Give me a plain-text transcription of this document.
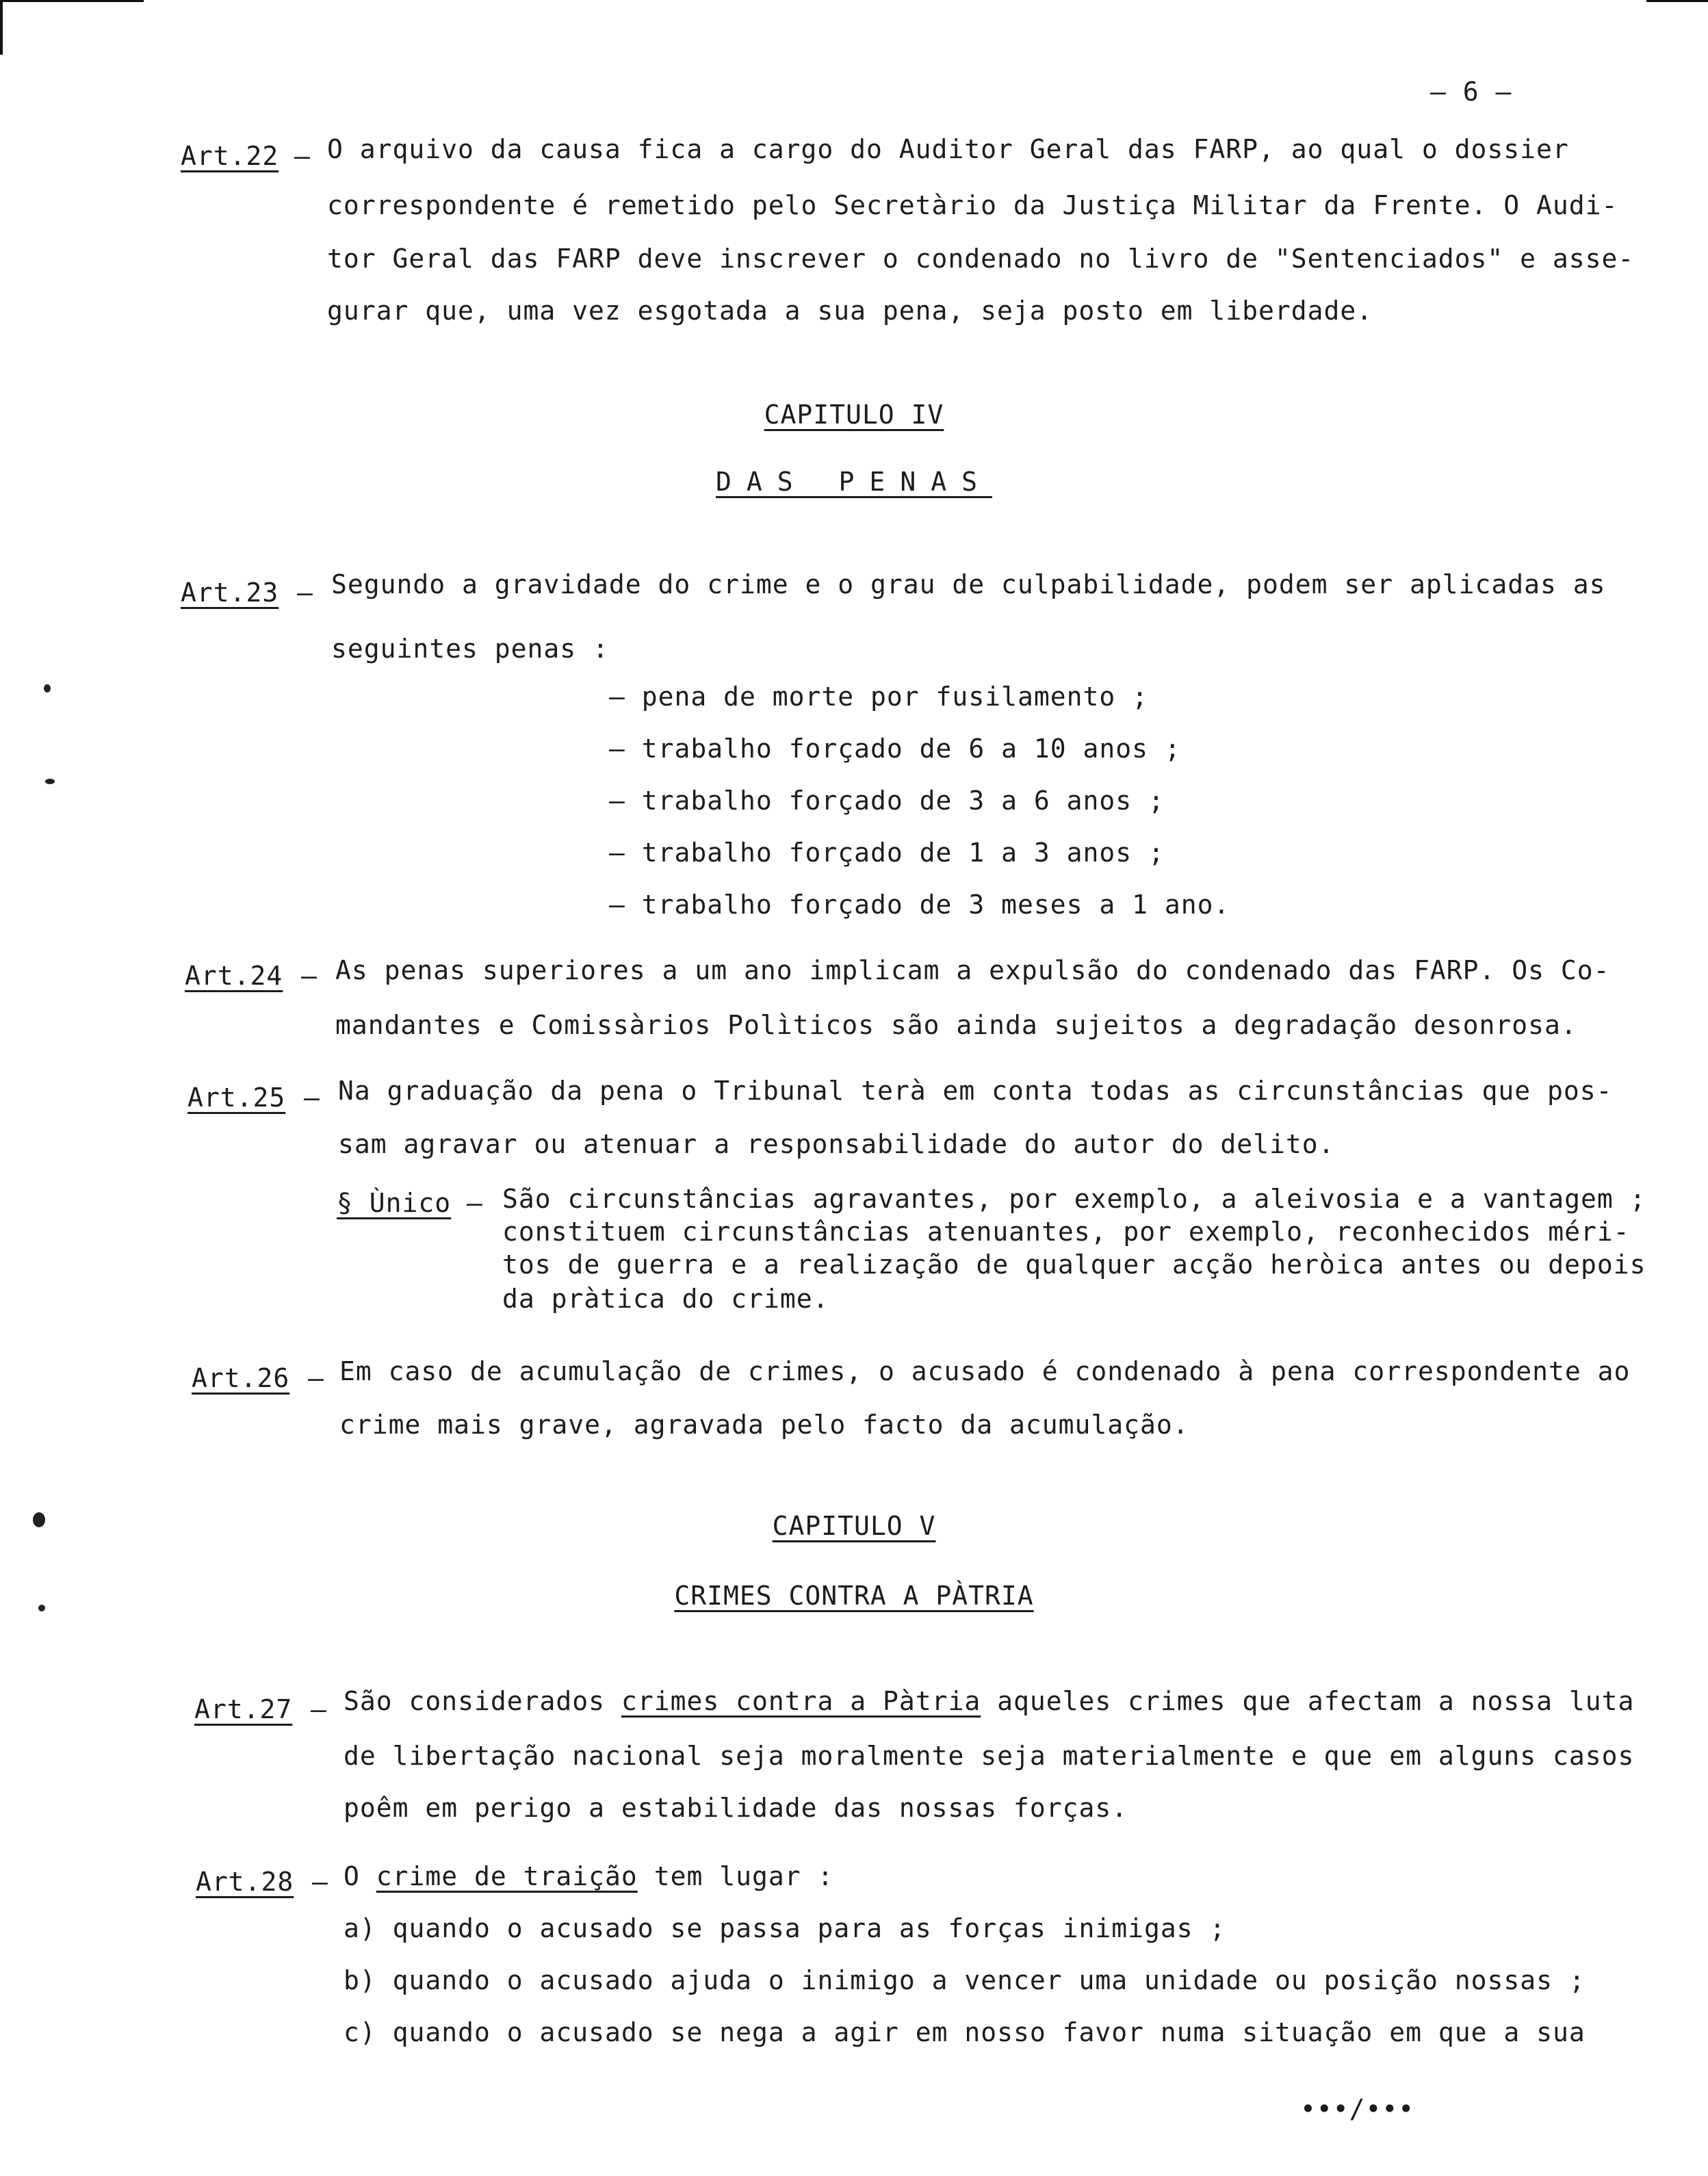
– 6 –
Art.22 – O arquivo da causa fica a cargo do Auditor Geral das FARP, ao qual o dossier
correspondente é remetido pelo Secretàrio da Justiça Militar da Frente. O Audi-
tor Geral das FARP deve inscrever o condenado no livro de "Sentenciados" e asse-
gurar que, uma vez esgotada a sua pena, seja posto em liberdade.
CAPITULO IV
DAS PENAS
Art.23 – Segundo a gravidade do crime e o grau de culpabilidade, podem ser aplicadas as
seguintes penas :
– pena de morte por fusilamento ;
– trabalho forçado de 6 a 10 anos ;
– trabalho forçado de 3 a 6 anos ;
– trabalho forçado de 1 a 3 anos ;
– trabalho forçado de 3 meses a 1 ano.
Art.24 – As penas superiores a um ano implicam a expulsão do condenado das FARP. Os Co-
mandantes e Comissàrios Polìticos são ainda sujeitos a degradação desonrosa.
Art.25 – Na graduação da pena o Tribunal terà em conta todas as circunstâncias que pos-
sam agravar ou atenuar a responsabilidade do autor do delito.
§ Ùnico – São circunstâncias agravantes, por exemplo, a aleivosia e a vantagem ;
constituem circunstâncias atenuantes, por exemplo, reconhecidos méri-
tos de guerra e a realização de qualquer acção heròica antes ou depois
da pràtica do crime.
Art.26 – Em caso de acumulação de crimes, o acusado é condenado à pena correspondente ao
crime mais grave, agravada pelo facto da acumulação.
CAPITULO V
CRIMES CONTRA A PÀTRIA
Art.27 – São considerados crimes contra a Pàtria aqueles crimes que afectam a nossa luta
de libertação nacional seja moralmente seja materialmente e que em alguns casos
poêm em perigo a estabilidade das nossas forças.
Art.28 – O crime de traição tem lugar :
a) quando o acusado se passa para as forças inimigas ;
b) quando o acusado ajuda o inimigo a vencer uma unidade ou posição nossas ;
c) quando o acusado se nega a agir em nosso favor numa situação em que a sua
•••/•••
